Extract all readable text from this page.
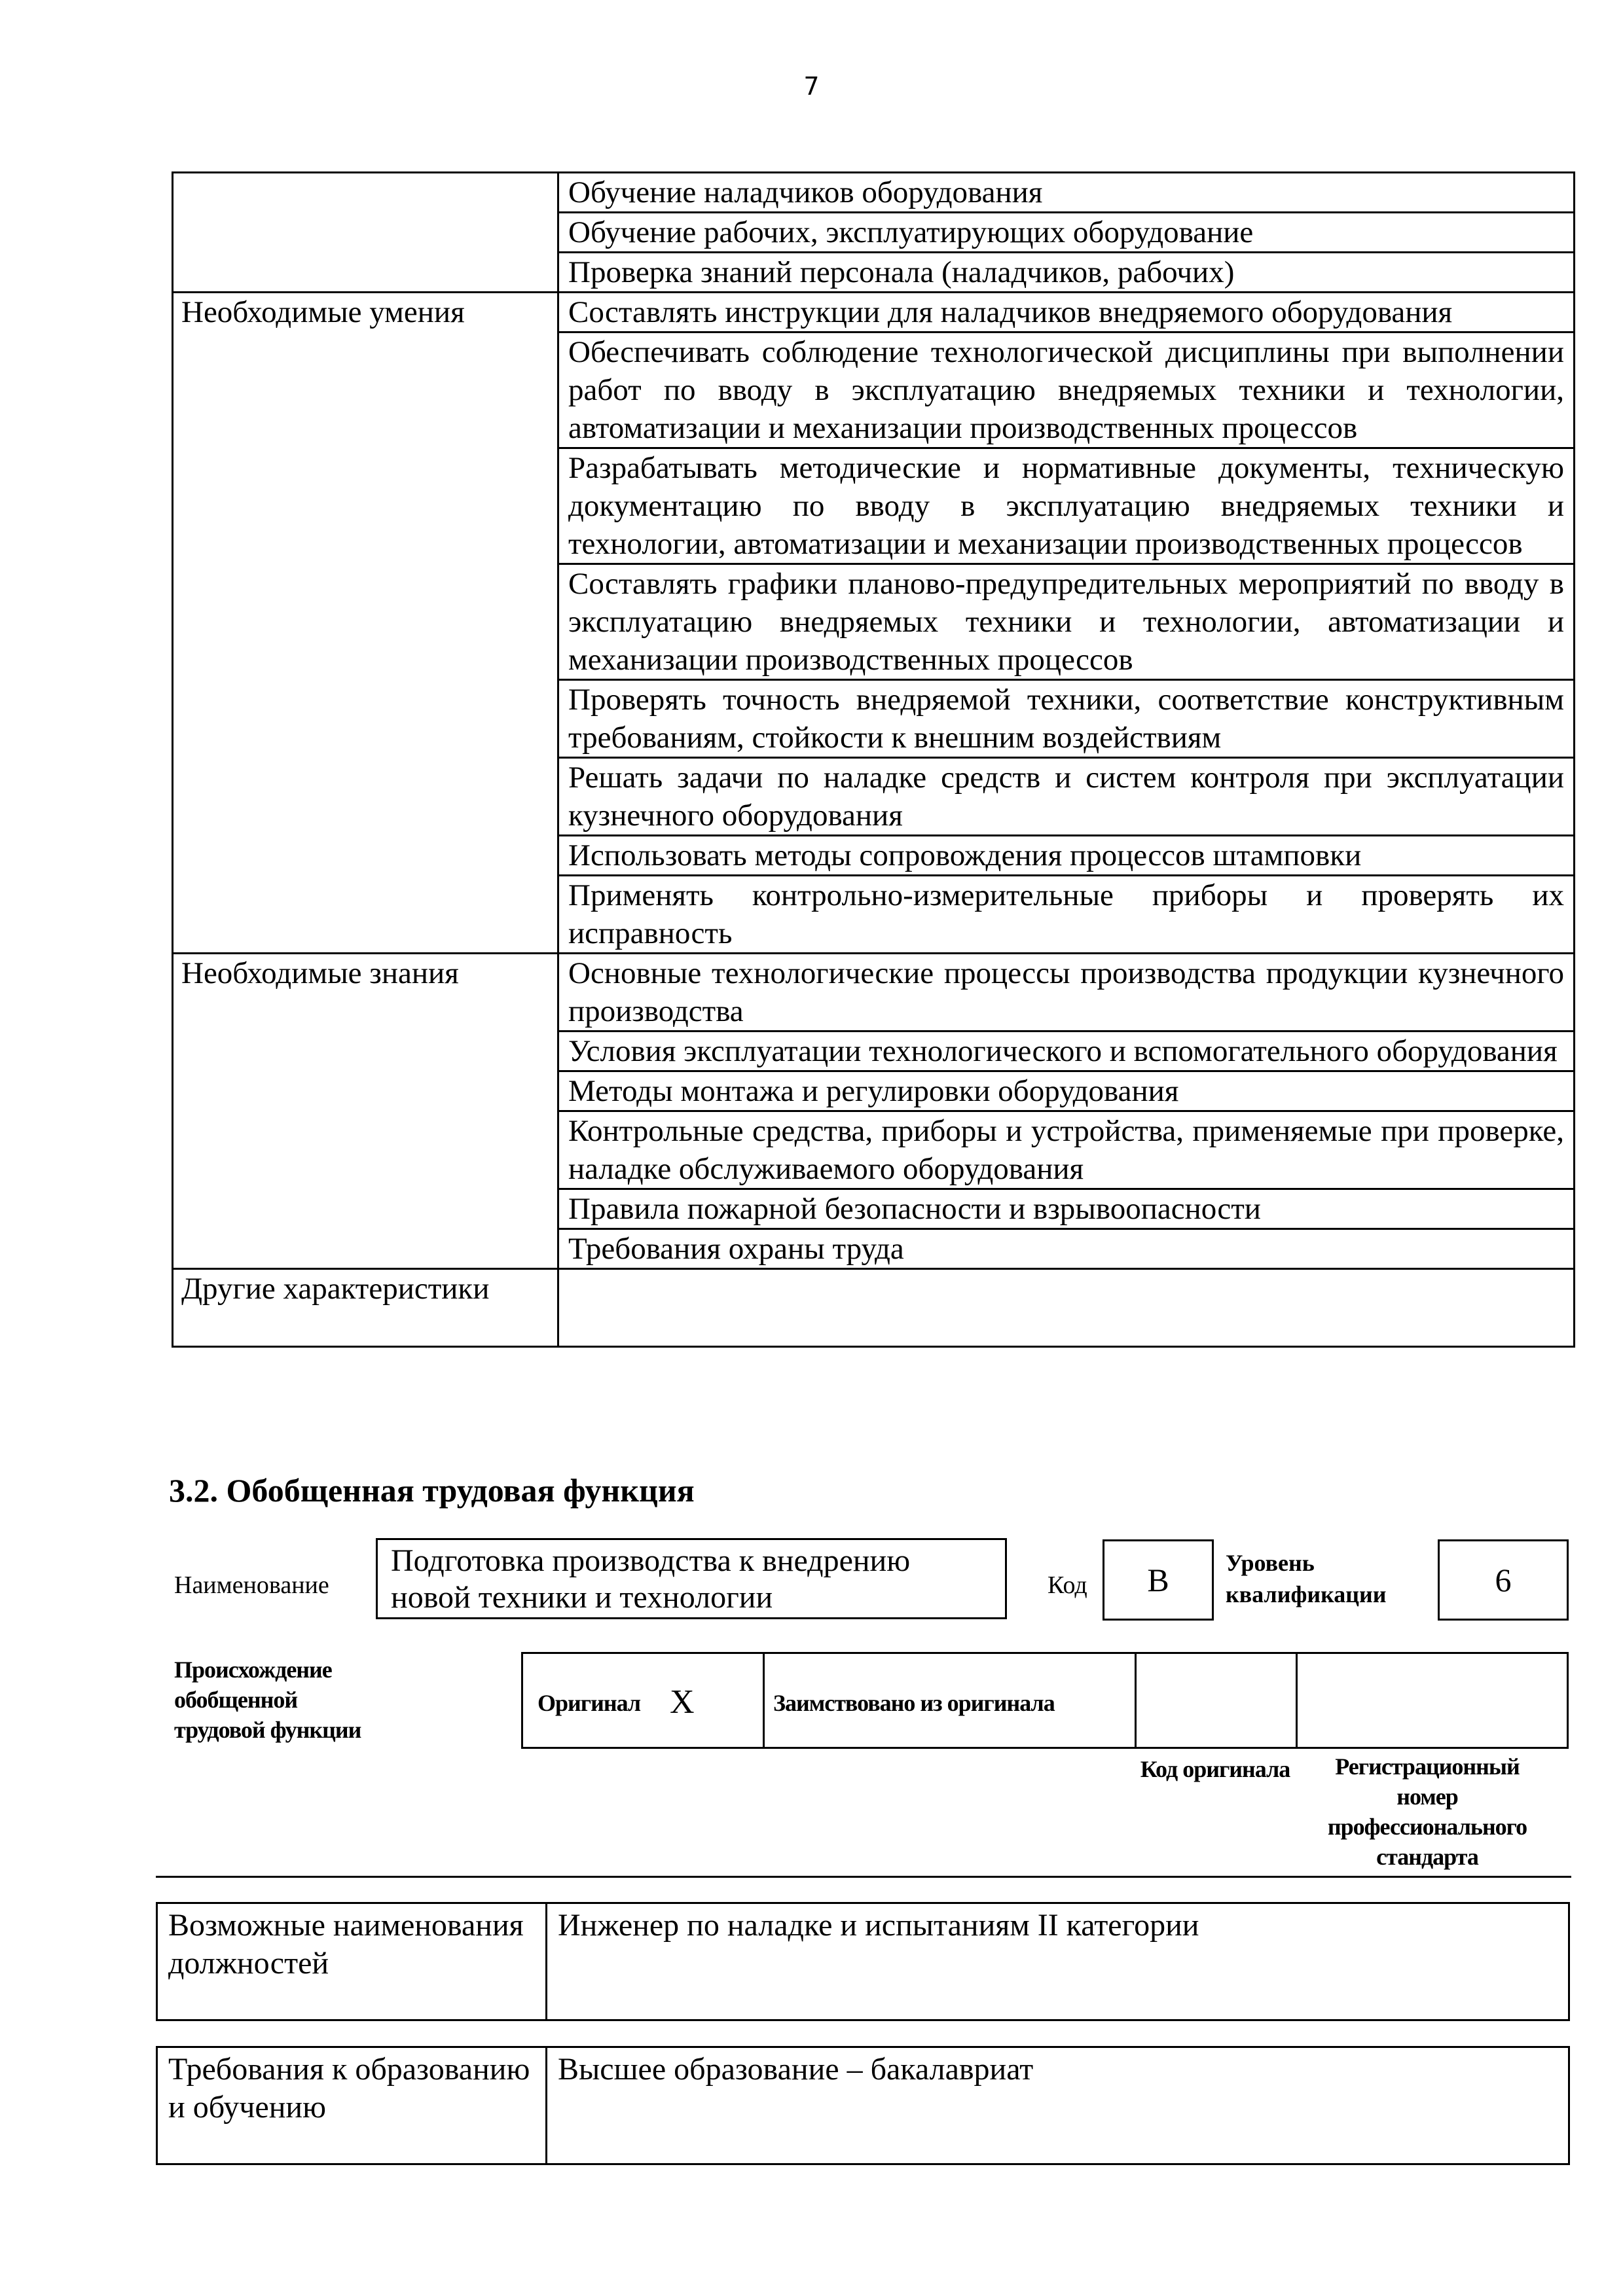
7
	Обучение наладчиков оборудования
	Обучение рабочих, эксплуатирующих оборудование
	Проверка знаний персонала (наладчиков, рабочих)
Необходимые умения	Составлять инструкции для наладчиков внедряемого оборудования
	Обеспечивать соблюдение технологической дисциплины при выполнении работ по вводу в эксплуатацию внедряемых техники и технологии, автоматизации и механизации производственных процессов
	Разрабатывать методические и нормативные документы, техническую документацию по вводу в эксплуатацию внедряемых техники и технологии, автоматизации и механизации производственных процессов
	Составлять графики планово-предупредительных мероприятий по вводу в эксплуатацию внедряемых техники и технологии, автоматизации и механизации производственных процессов
	Проверять точность внедряемой техники, соответствие конструктивным требованиям, стойкости к внешним воздействиям
	Решать задачи по наладке средств и систем контроля при эксплуатации кузнечного оборудования
	Использовать методы сопровождения процессов штамповки
	Применять контрольно-измерительные приборы и проверять их исправность
Необходимые знания	Основные технологические процессы производства продукции кузнечного производства
	Условия эксплуатации технологического и вспомогательного оборудования
	Методы монтажа и регулировки оборудования
	Контрольные средства, приборы и устройства, применяемые при проверке, наладке обслуживаемого оборудования
	Правила пожарной безопасности и взрывоопасности
	Требования охраны труда
Другие характеристики	
3.2. Обобщенная трудовая функция
Наименование
Подготовка производства к внедрению новой техники и технологии	Код	B	Уровень квалификации	6
Происхождение обобщенной трудовой функции
Оригинал X	Заимствовано из оригинала
Код оригинала	Регистрационный номер профессионального стандарта
Возможные наименования должностей	Инженер по наладке и испытаниям II категории
Требования к образованию и обучению	Высшее образование – бакалавриат
